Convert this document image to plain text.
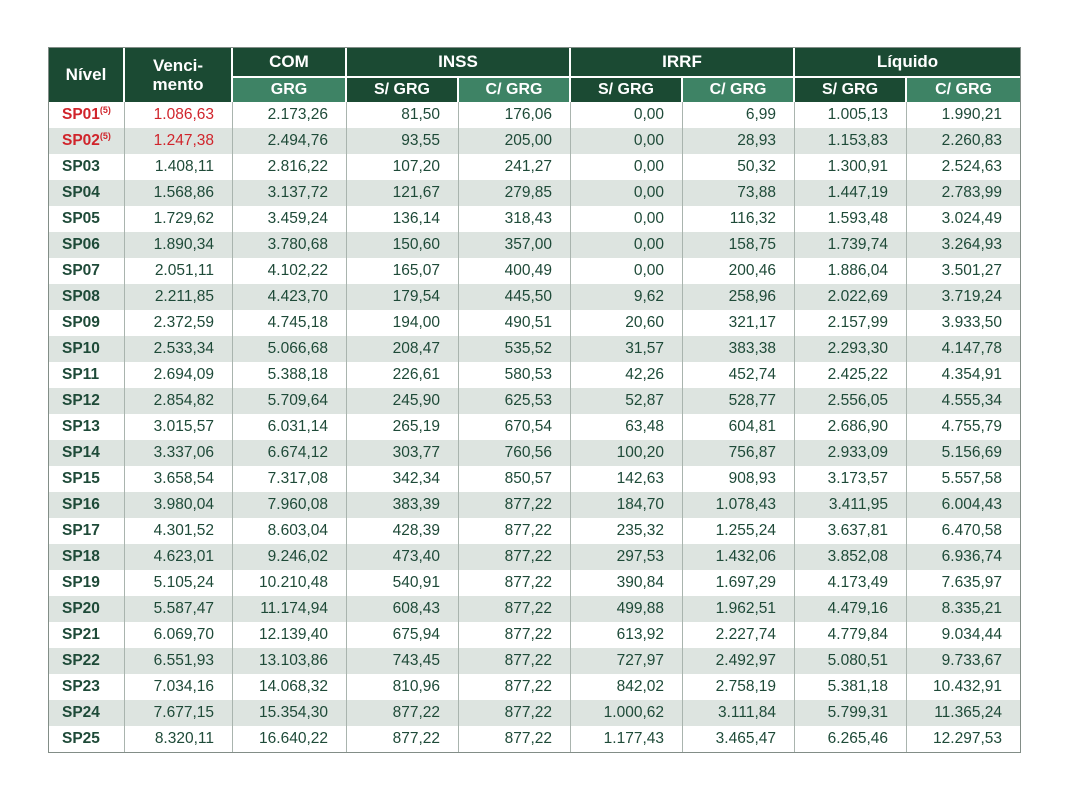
Nível	Venci-
mento	COM	INSS		IRRF		Líquido	
		GRG	S/ GRG	C/ GRG	S/ GRG	C/ GRG	S/ GRG	C/ GRG
SP01$^{(5)}$	1.086,63	2.173,26	81,50	176,06	0,00	6,99	1.005,13	1.990,21
SP02$^{(5)}$	1.247,38	2.494,76	93,55	205,00	0,00	28,93	1.153,83	2.260,83
SP03	1.408,11	2.816,22	107,20	241,27	0,00	50,32	1.300,91	2.524,63
SP04	1.568,86	3.137,72	121,67	279,85	0,00	73,88	1.447,19	2.783,99
SP05	1.729,62	3.459,24	136,14	318,43	0,00	116,32	1.593,48	3.024,49
SP06	1.890,34	3.780,68	150,60	357,00	0,00	158,75	1.739,74	3.264,93
SP07	2.051,11	4.102,22	165,07	400,49	0,00	200,46	1.886,04	3.501,27
SP08	2.211,85	4.423,70	179,54	445,50	9,62	258,96	2.022,69	3.719,24
SP09	2.372,59	4.745,18	194,00	490,51	20,60	321,17	2.157,99	3.933,50
SP10	2.533,34	5.066,68	208,47	535,52	31,57	383,38	2.293,30	4.147,78
SP11	2.694,09	5.388,18	226,61	580,53	42,26	452,74	2.425,22	4.354,91
SP12	2.854,82	5.709,64	245,90	625,53	52,87	528,77	2.556,05	4.555,34
SP13	3.015,57	6.031,14	265,19	670,54	63,48	604,81	2.686,90	4.755,79
SP14	3.337,06	6.674,12	303,77	760,56	100,20	756,87	2.933,09	5.156,69
SP15	3.658,54	7.317,08	342,34	850,57	142,63	908,93	3.173,57	5.557,58
SP16	3.980,04	7.960,08	383,39	877,22	184,70	1.078,43	3.411,95	6.004,43
SP17	4.301,52	8.603,04	428,39	877,22	235,32	1.255,24	3.637,81	6.470,58
SP18	4.623,01	9.246,02	473,40	877,22	297,53	1.432,06	3.852,08	6.936,74
SP19	5.105,24	10.210,48	540,91	877,22	390,84	1.697,29	4.173,49	7.635,97
SP20	5.587,47	11.174,94	608,43	877,22	499,88	1.962,51	4.479,16	8.335,21
SP21	6.069,70	12.139,40	675,94	877,22	613,92	2.227,74	4.779,84	9.034,44
SP22	6.551,93	13.103,86	743,45	877,22	727,97	2.492,97	5.080,51	9.733,67
SP23	7.034,16	14.068,32	810,96	877,22	842,02	2.758,19	5.381,18	10.432,91
SP24	7.677,15	15.354,30	877,22	877,22	1.000,62	3.111,84	5.799,31	11.365,24
SP25	8.320,11	16.640,22	877,22	877,22	1.177,43	3.465,47	6.265,46	12.297,53
